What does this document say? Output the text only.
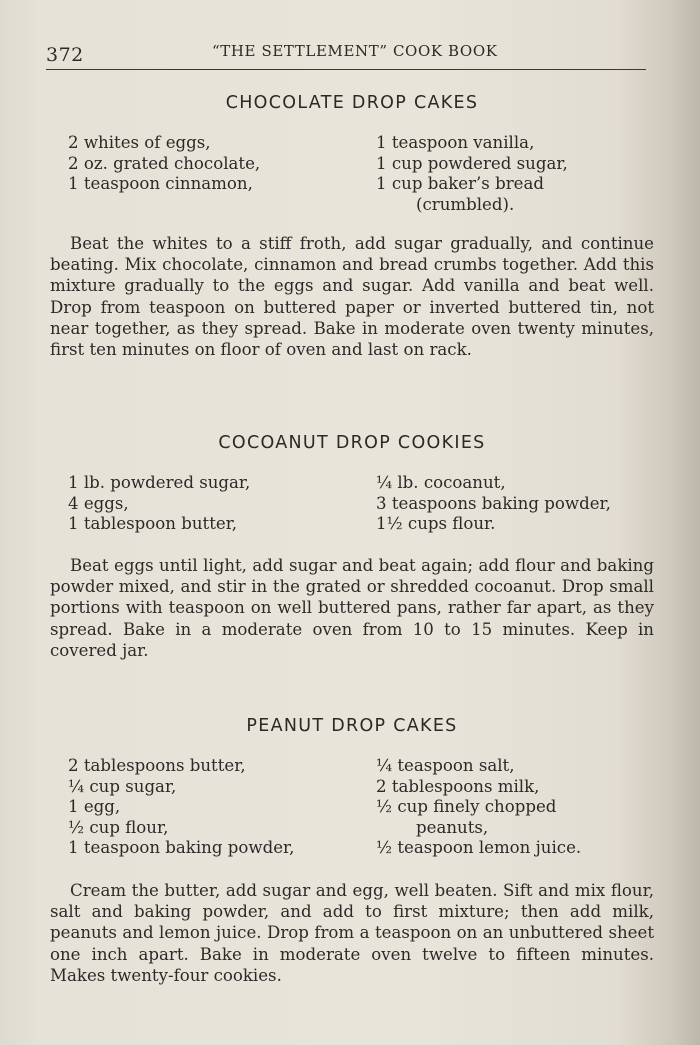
372	“THE SETTLEMENT” COOK BOOK
CHOCOLATE DROP CAKES
2 whites of eggs,
2 oz. grated chocolate,
1 teaspoon cinnamon,
1 teaspoon vanilla,
1 cup powdered sugar,
1 cup baker’s bread
(crumbled).

Beat the whites to a stiff froth, add sugar gradually, and continue beating. Mix chocolate, cinnamon and bread crumbs together. Add this mixture gradually to the eggs and sugar. Add vanilla and beat well. Drop from teaspoon on buttered paper or inverted buttered tin, not near together, as they spread. Bake in moderate oven twenty minutes, first ten minutes on floor of oven and last on rack.

COCOANUT DROP COOKIES
1 lb. powdered sugar,
4 eggs,
1 tablespoon butter,
¼ lb. cocoanut,
3 teaspoons baking powder,
1½ cups flour.

Beat eggs until light, add sugar and beat again; add flour and baking powder mixed, and stir in the grated or shredded cocoanut. Drop small portions with teaspoon on well buttered pans, rather far apart, as they spread. Bake in a moderate oven from 10 to 15 minutes. Keep in covered jar.

PEANUT DROP CAKES
2 tablespoons butter,
¼ cup sugar,
1 egg,
½ cup flour,
1 teaspoon baking powder,
¼ teaspoon salt,
2 tablespoons milk,
½ cup finely chopped
peanuts,
½ teaspoon lemon juice.

Cream the butter, add sugar and egg, well beaten. Sift and mix flour, salt and baking powder, and add to first mixture; then add milk, peanuts and lemon juice. Drop from a teaspoon on an unbuttered sheet one inch apart. Bake in moderate oven twelve to fifteen minutes. Makes twenty-four cookies.
